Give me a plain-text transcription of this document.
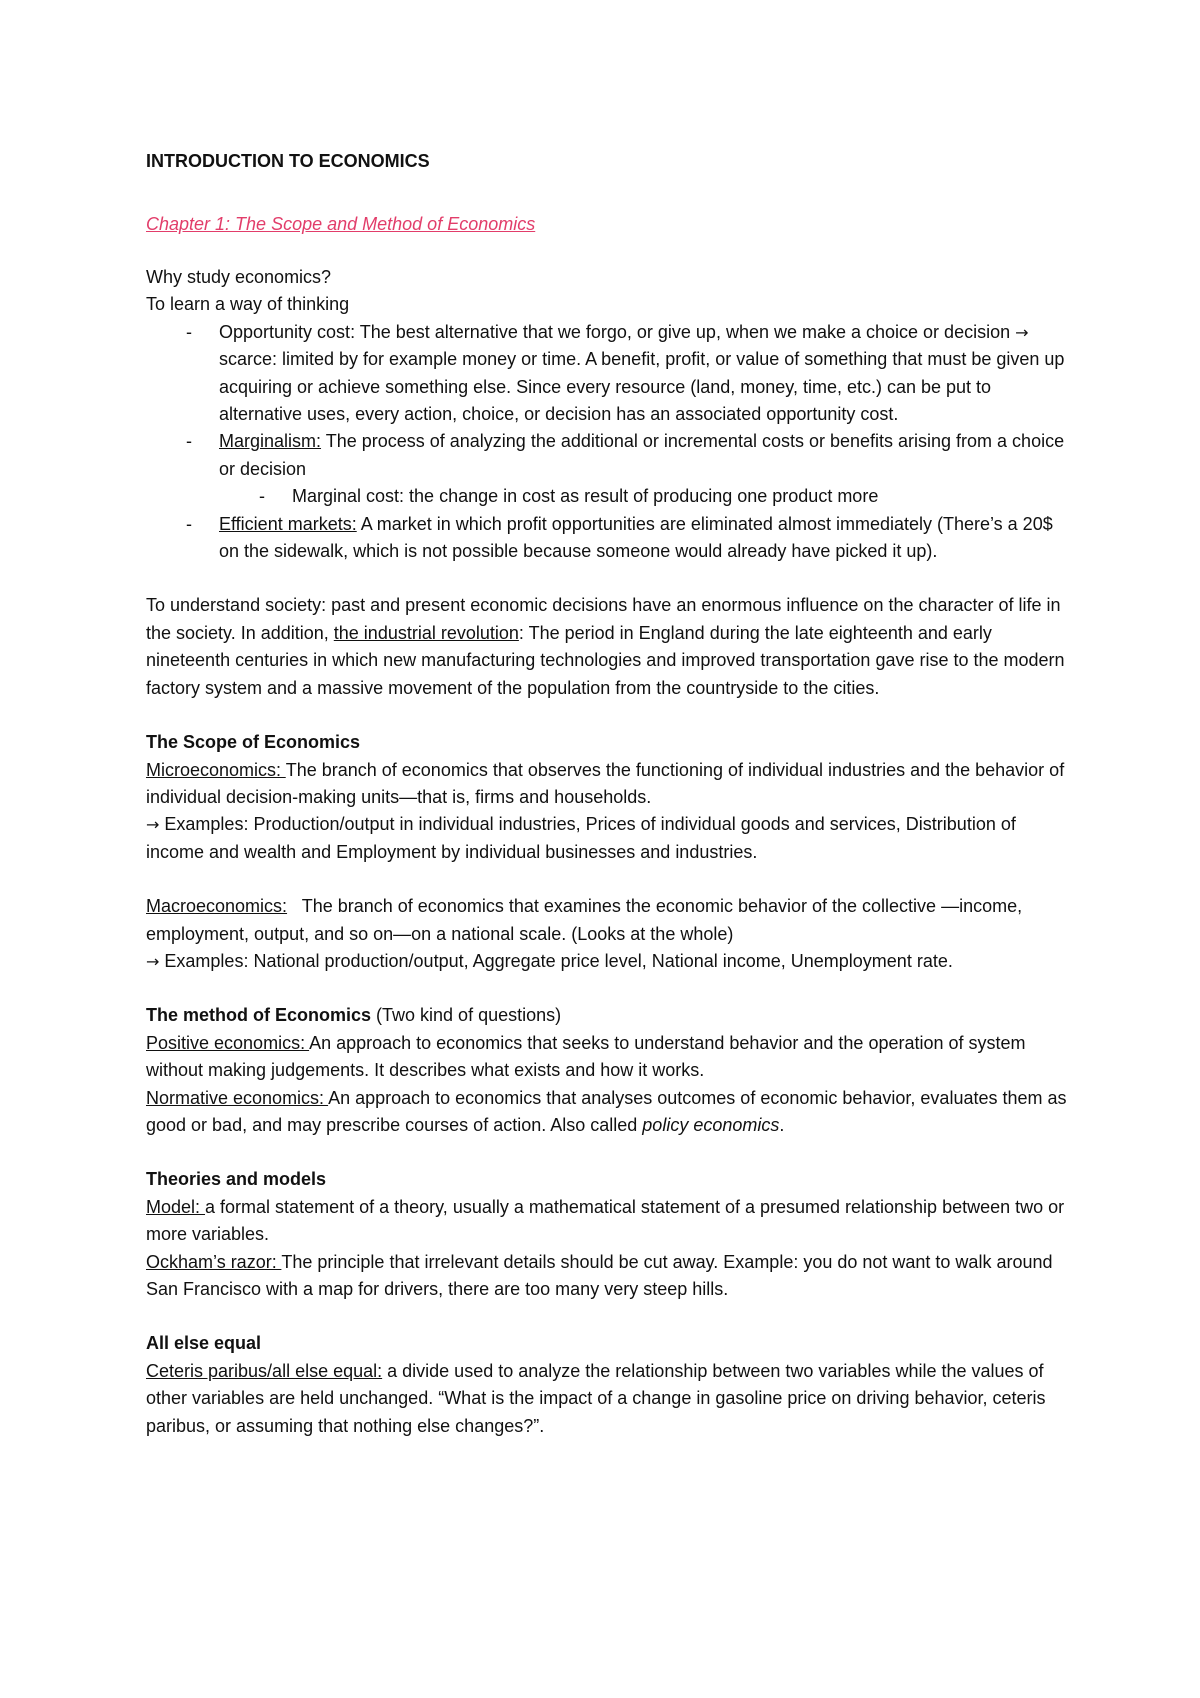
INTRODUCTION TO ECONOMICS

Chapter 1: The Scope and Method of Economics

Why study economics?

To learn a way of thinking

- Opportunity cost: The best alternative that we forgo, or give up, when we make a choice or decision → scarce: limited by for example money or time. A benefit, profit, or value of something that must be given up acquiring or achieve something else. Since every resource (land, money, time, etc.) can be put to alternative uses, every action, choice, or decision has an associated opportunity cost.
- Marginalism: The process of analyzing the additional or incremental costs or benefits arising from a choice or decision
- Marginal cost: the change in cost as result of producing one product more
- Efficient markets: A market in which profit opportunities are eliminated almost immediately (There’s a 20$ on the sidewalk, which is not possible because someone would already have picked it up).

To understand society: past and present economic decisions have an enormous influence on the character of life in the society. In addition, the industrial revolution: The period in England during the late eighteenth and early nineteenth centuries in which new manufacturing technologies and improved transportation gave rise to the modern factory system and a massive movement of the population from the countryside to the cities.

The Scope of Economics

Microeconomics: The branch of economics that observes the functioning of individual industries and the behavior of individual decision-making units—that is, firms and households.

→ Examples: Production/output in individual industries, Prices of individual goods and services, Distribution of income and wealth and Employment by individual businesses and industries.

Macroeconomics:   The branch of economics that examines the economic behavior of the collective —income, employment, output, and so on—on a national scale. (Looks at the whole)

→ Examples: National production/output, Aggregate price level, National income, Unemployment rate.

The method of Economics (Two kind of questions)

Positive economics: An approach to economics that seeks to understand behavior and the operation of system without making judgements. It describes what exists and how it works.

Normative economics: An approach to economics that analyses outcomes of economic behavior, evaluates them as good or bad, and may prescribe courses of action. Also called policy economics.

Theories and models

Model: a formal statement of a theory, usually a mathematical statement of a presumed relationship between two or more variables.

Ockham’s razor: The principle that irrelevant details should be cut away. Example: you do not want to walk around San Francisco with a map for drivers, there are too many very steep hills.

All else equal

Ceteris paribus/all else equal: a divide used to analyze the relationship between two variables while the values of other variables are held unchanged. “What is the impact of a change in gasoline price on driving behavior, ceteris paribus, or assuming that nothing else changes?”.
